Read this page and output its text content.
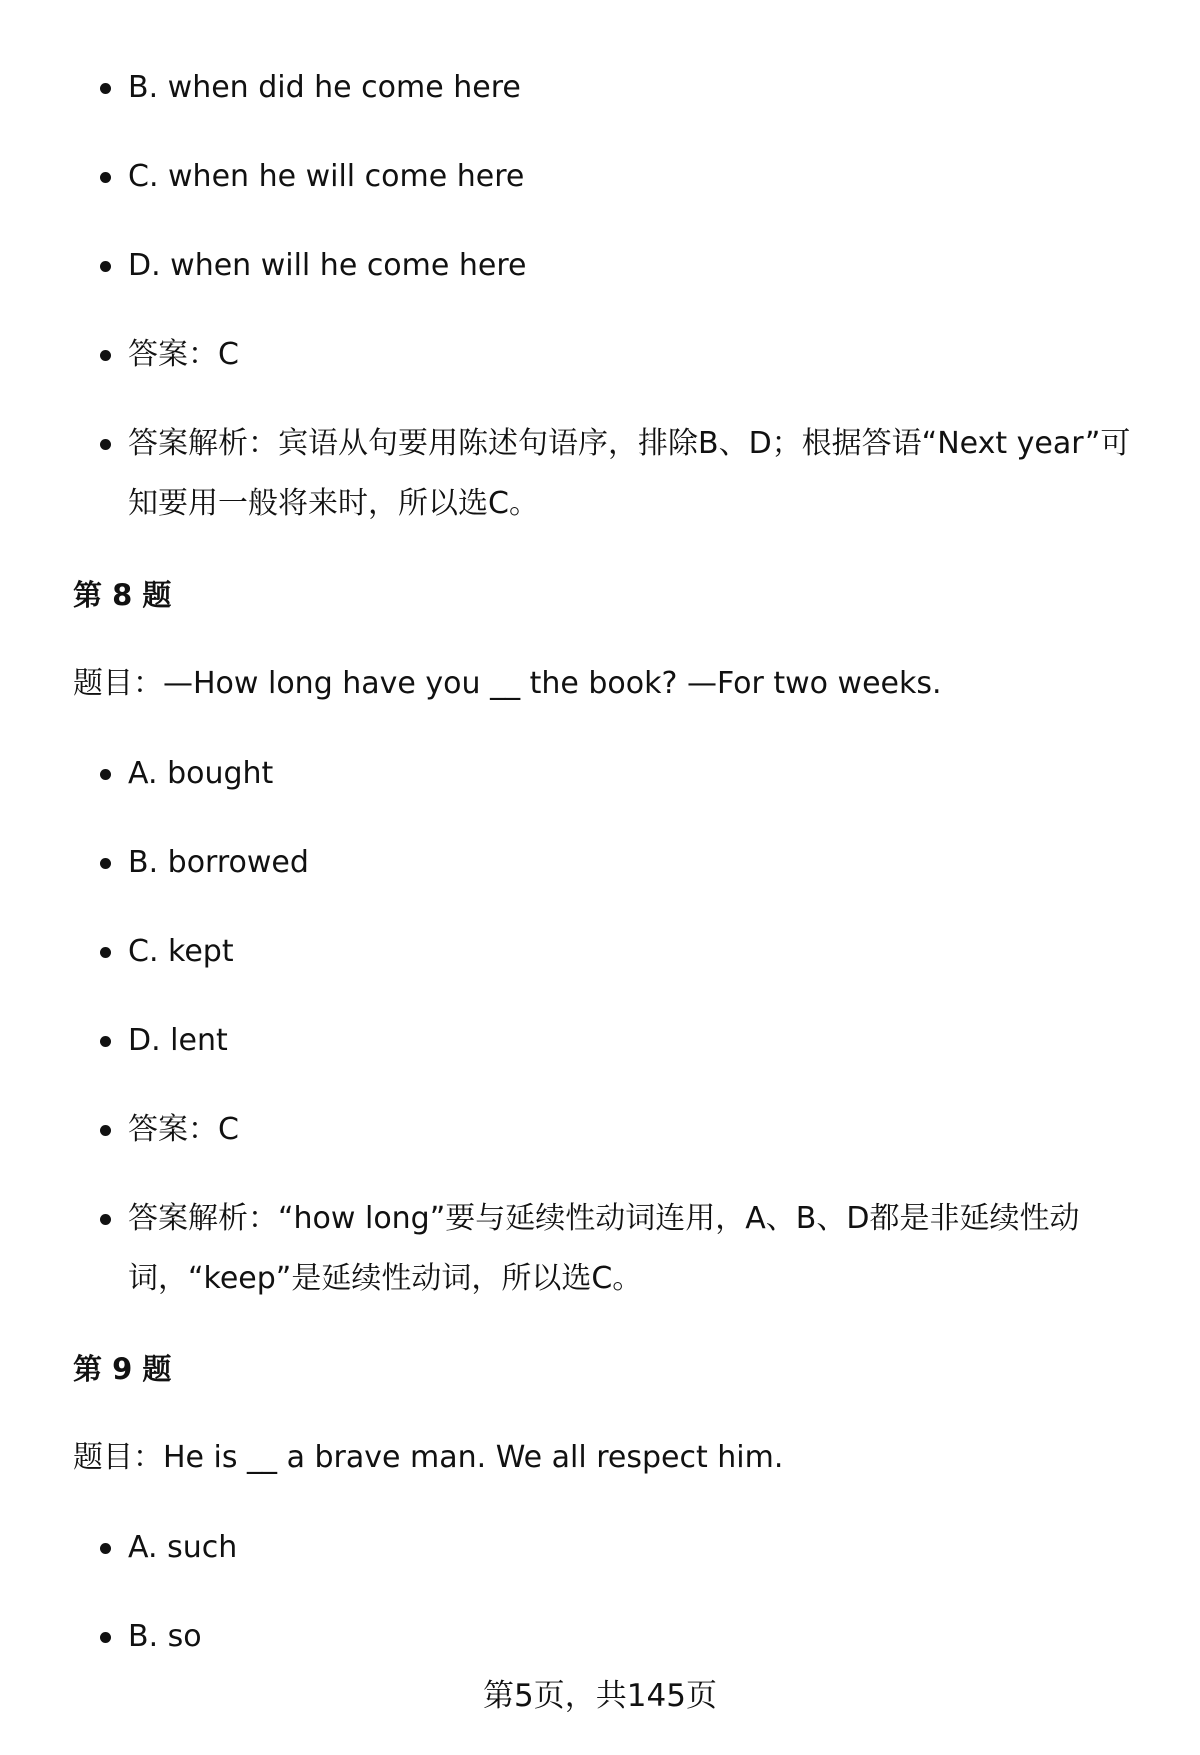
B. when did he come here
C. when he will come here
D. when will he come here
答案：C
答案解析：宾语从句要用陈述句语序，排除B、D；根据答语“Next year”可知要用一般将来时，所以选C。
第 8 题
题目：—How long have you __ the book? —For two weeks.
A. bought
B. borrowed
C. kept
D. lent
答案：C
答案解析：“how long”要与延续性动词连用，A、B、D都是非延续性动词，“keep”是延续性动词，所以选C。
第 9 题
题目：He is __ a brave man. We all respect him.
A. such
B. so
第5页，共145页
